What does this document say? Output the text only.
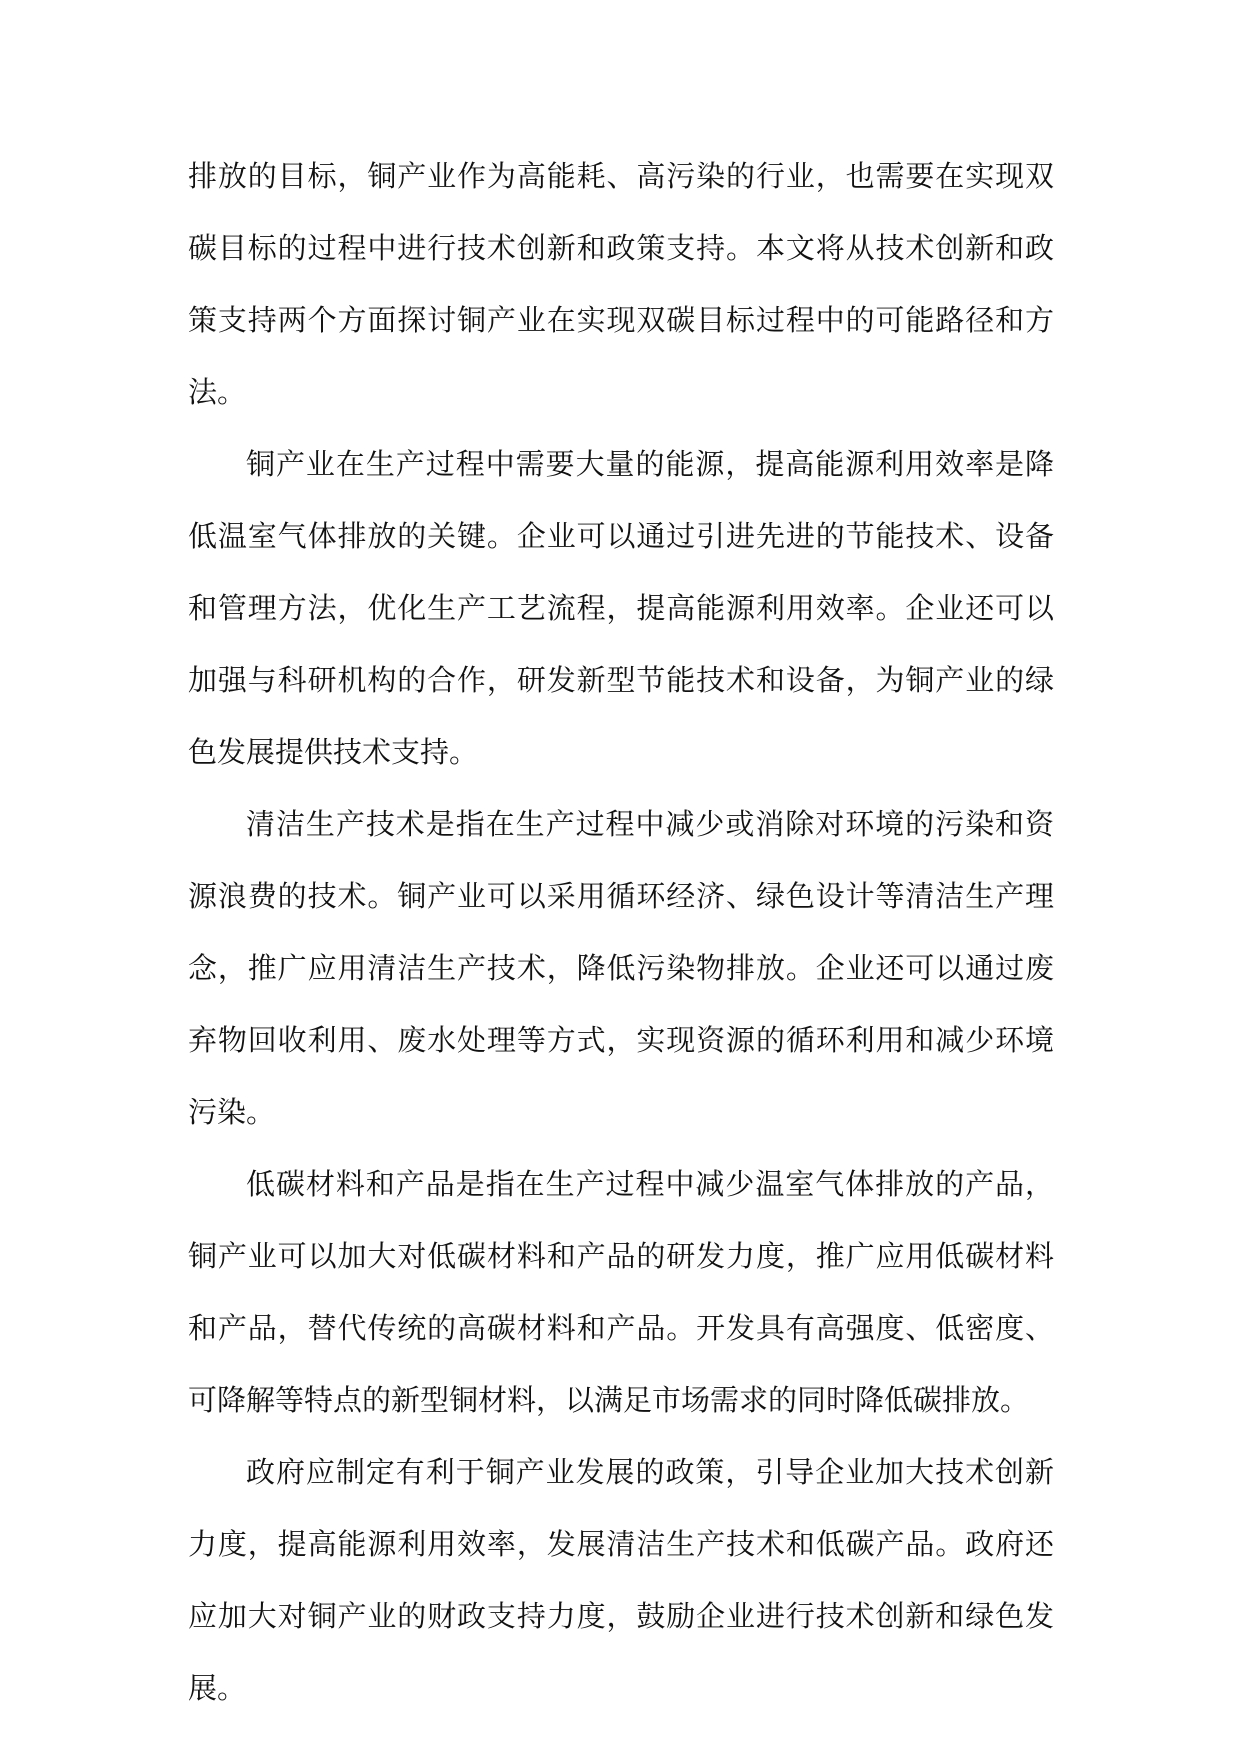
排放的目标，铜产业作为高能耗、高污染的行业，也需要在实现双碳目标的过程中进行技术创新和政策支持。本文将从技术创新和政策支持两个方面探讨铜产业在实现双碳目标过程中的可能路径和方法。

铜产业在生产过程中需要大量的能源，提高能源利用效率是降低温室气体排放的关键。企业可以通过引进先进的节能技术、设备和管理方法，优化生产工艺流程，提高能源利用效率。企业还可以加强与科研机构的合作，研发新型节能技术和设备，为铜产业的绿色发展提供技术支持。

清洁生产技术是指在生产过程中减少或消除对环境的污染和资源浪费的技术。铜产业可以采用循环经济、绿色设计等清洁生产理念，推广应用清洁生产技术，降低污染物排放。企业还可以通过废弃物回收利用、废水处理等方式，实现资源的循环利用和减少环境污染。

低碳材料和产品是指在生产过程中减少温室气体排放的产品，铜产业可以加大对低碳材料和产品的研发力度，推广应用低碳材料和产品，替代传统的高碳材料和产品。开发具有高强度、低密度、可降解等特点的新型铜材料，以满足市场需求的同时降低碳排放。

政府应制定有利于铜产业发展的政策，引导企业加大技术创新力度，提高能源利用效率，发展清洁生产技术和低碳产品。政府还应加大对铜产业的财政支持力度，鼓励企业进行技术创新和绿色发展。
